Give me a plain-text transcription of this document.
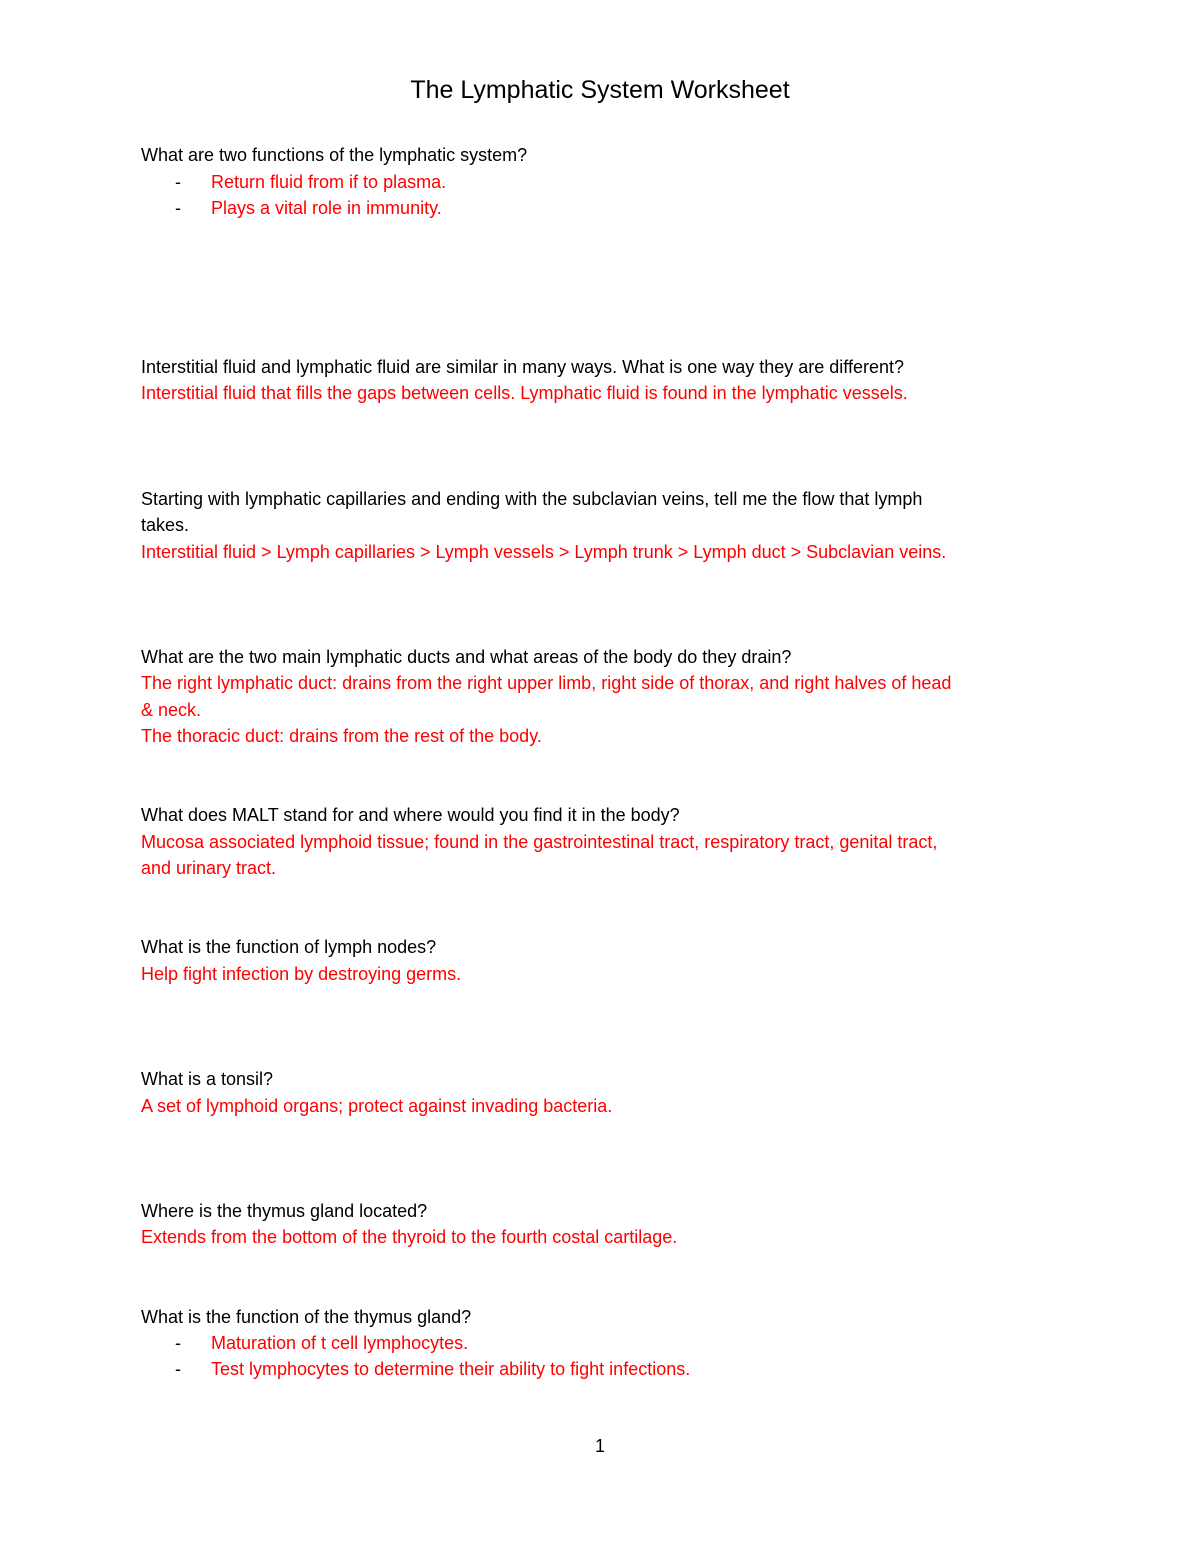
The Lymphatic System Worksheet
What are two functions of the lymphatic system?
- Return fluid from if to plasma.
- Plays a vital role in immunity.
Interstitial fluid and lymphatic fluid are similar in many ways. What is one way they are different?
Interstitial fluid that fills the gaps between cells. Lymphatic fluid is found in the lymphatic vessels.
Starting with lymphatic capillaries and ending with the subclavian veins, tell me the flow that lymph
takes.
Interstitial fluid > Lymph capillaries > Lymph vessels > Lymph trunk > Lymph duct > Subclavian veins.
What are the two main lymphatic ducts and what areas of the body do they drain?
The right lymphatic duct: drains from the right upper limb, right side of thorax, and right halves of head
& neck.
The thoracic duct: drains from the rest of the body.
What does MALT stand for and where would you find it in the body?
Mucosa associated lymphoid tissue; found in the gastrointestinal tract, respiratory tract, genital tract,
and urinary tract.
What is the function of lymph nodes?
Help fight infection by destroying germs.
What is a tonsil?
A set of lymphoid organs; protect against invading bacteria.
Where is the thymus gland located?
Extends from the bottom of the thyroid to the fourth costal cartilage.
What is the function of the thymus gland?
- Maturation of t cell lymphocytes.
- Test lymphocytes to determine their ability to fight infections.
1
